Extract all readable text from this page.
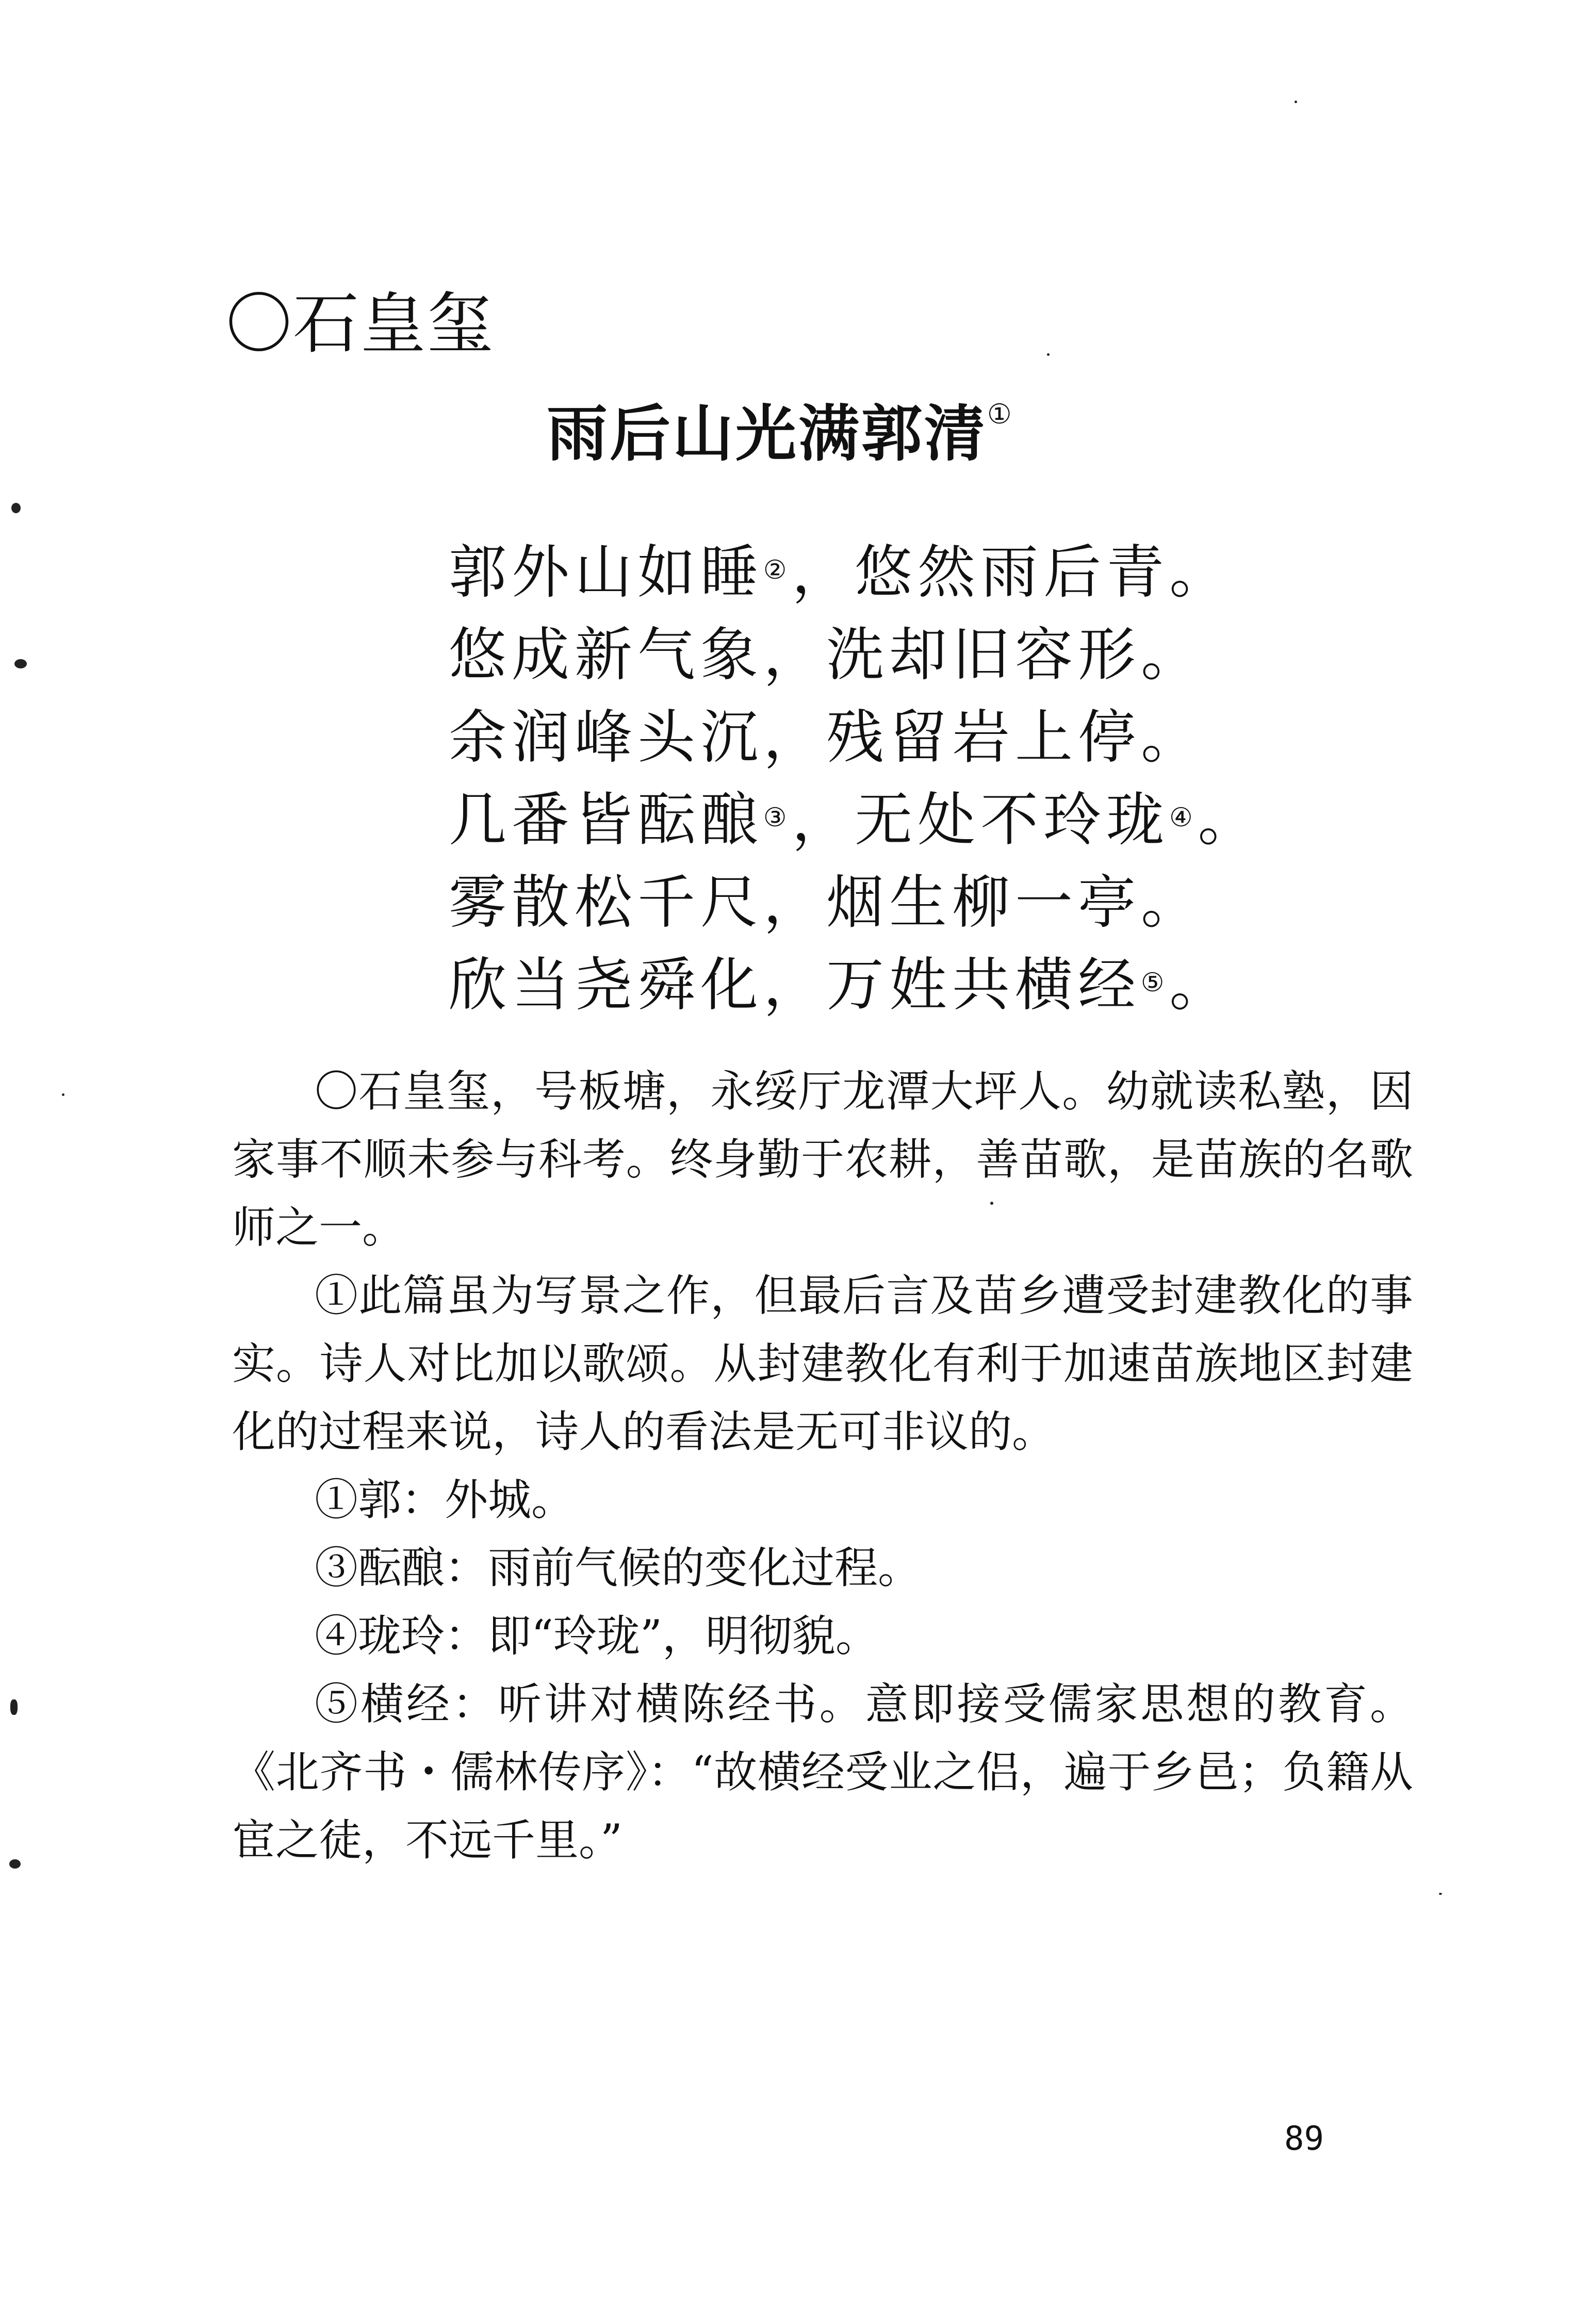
〇石皇玺
雨后山光满郭清①
郭外山如睡②，悠然雨后青。
悠成新气象，洗却旧容形。
余润峰头沉，残留岩上停。
几番皆酝酿③，无处不玲珑④。
雾散松千尺，烟生柳一亭。
欣当尧舜化，万姓共横经⑤。

〇石皇玺，号板塘，永绥厅龙潭大坪人。幼就读私塾，因家事不顺未参与科考。终身勤于农耕，善苗歌，是苗族的名歌师之一。

①此篇虽为写景之作，但最后言及苗乡遭受封建教化的事实。诗人对比加以歌颂。从封建教化有利于加速苗族地区封建化的过程来说，诗人的看法是无可非议的。

①郭：外城。

③酝酿：雨前气候的变化过程。

④珑玲：即“玲珑”，明彻貌。

⑤横经：听讲对横陈经书。意即接受儒家思想的教育。《北齐书・儒林传序》：“故横经受业之侣，遍于乡邑；负籍从宦之徒，不远千里。”

89
